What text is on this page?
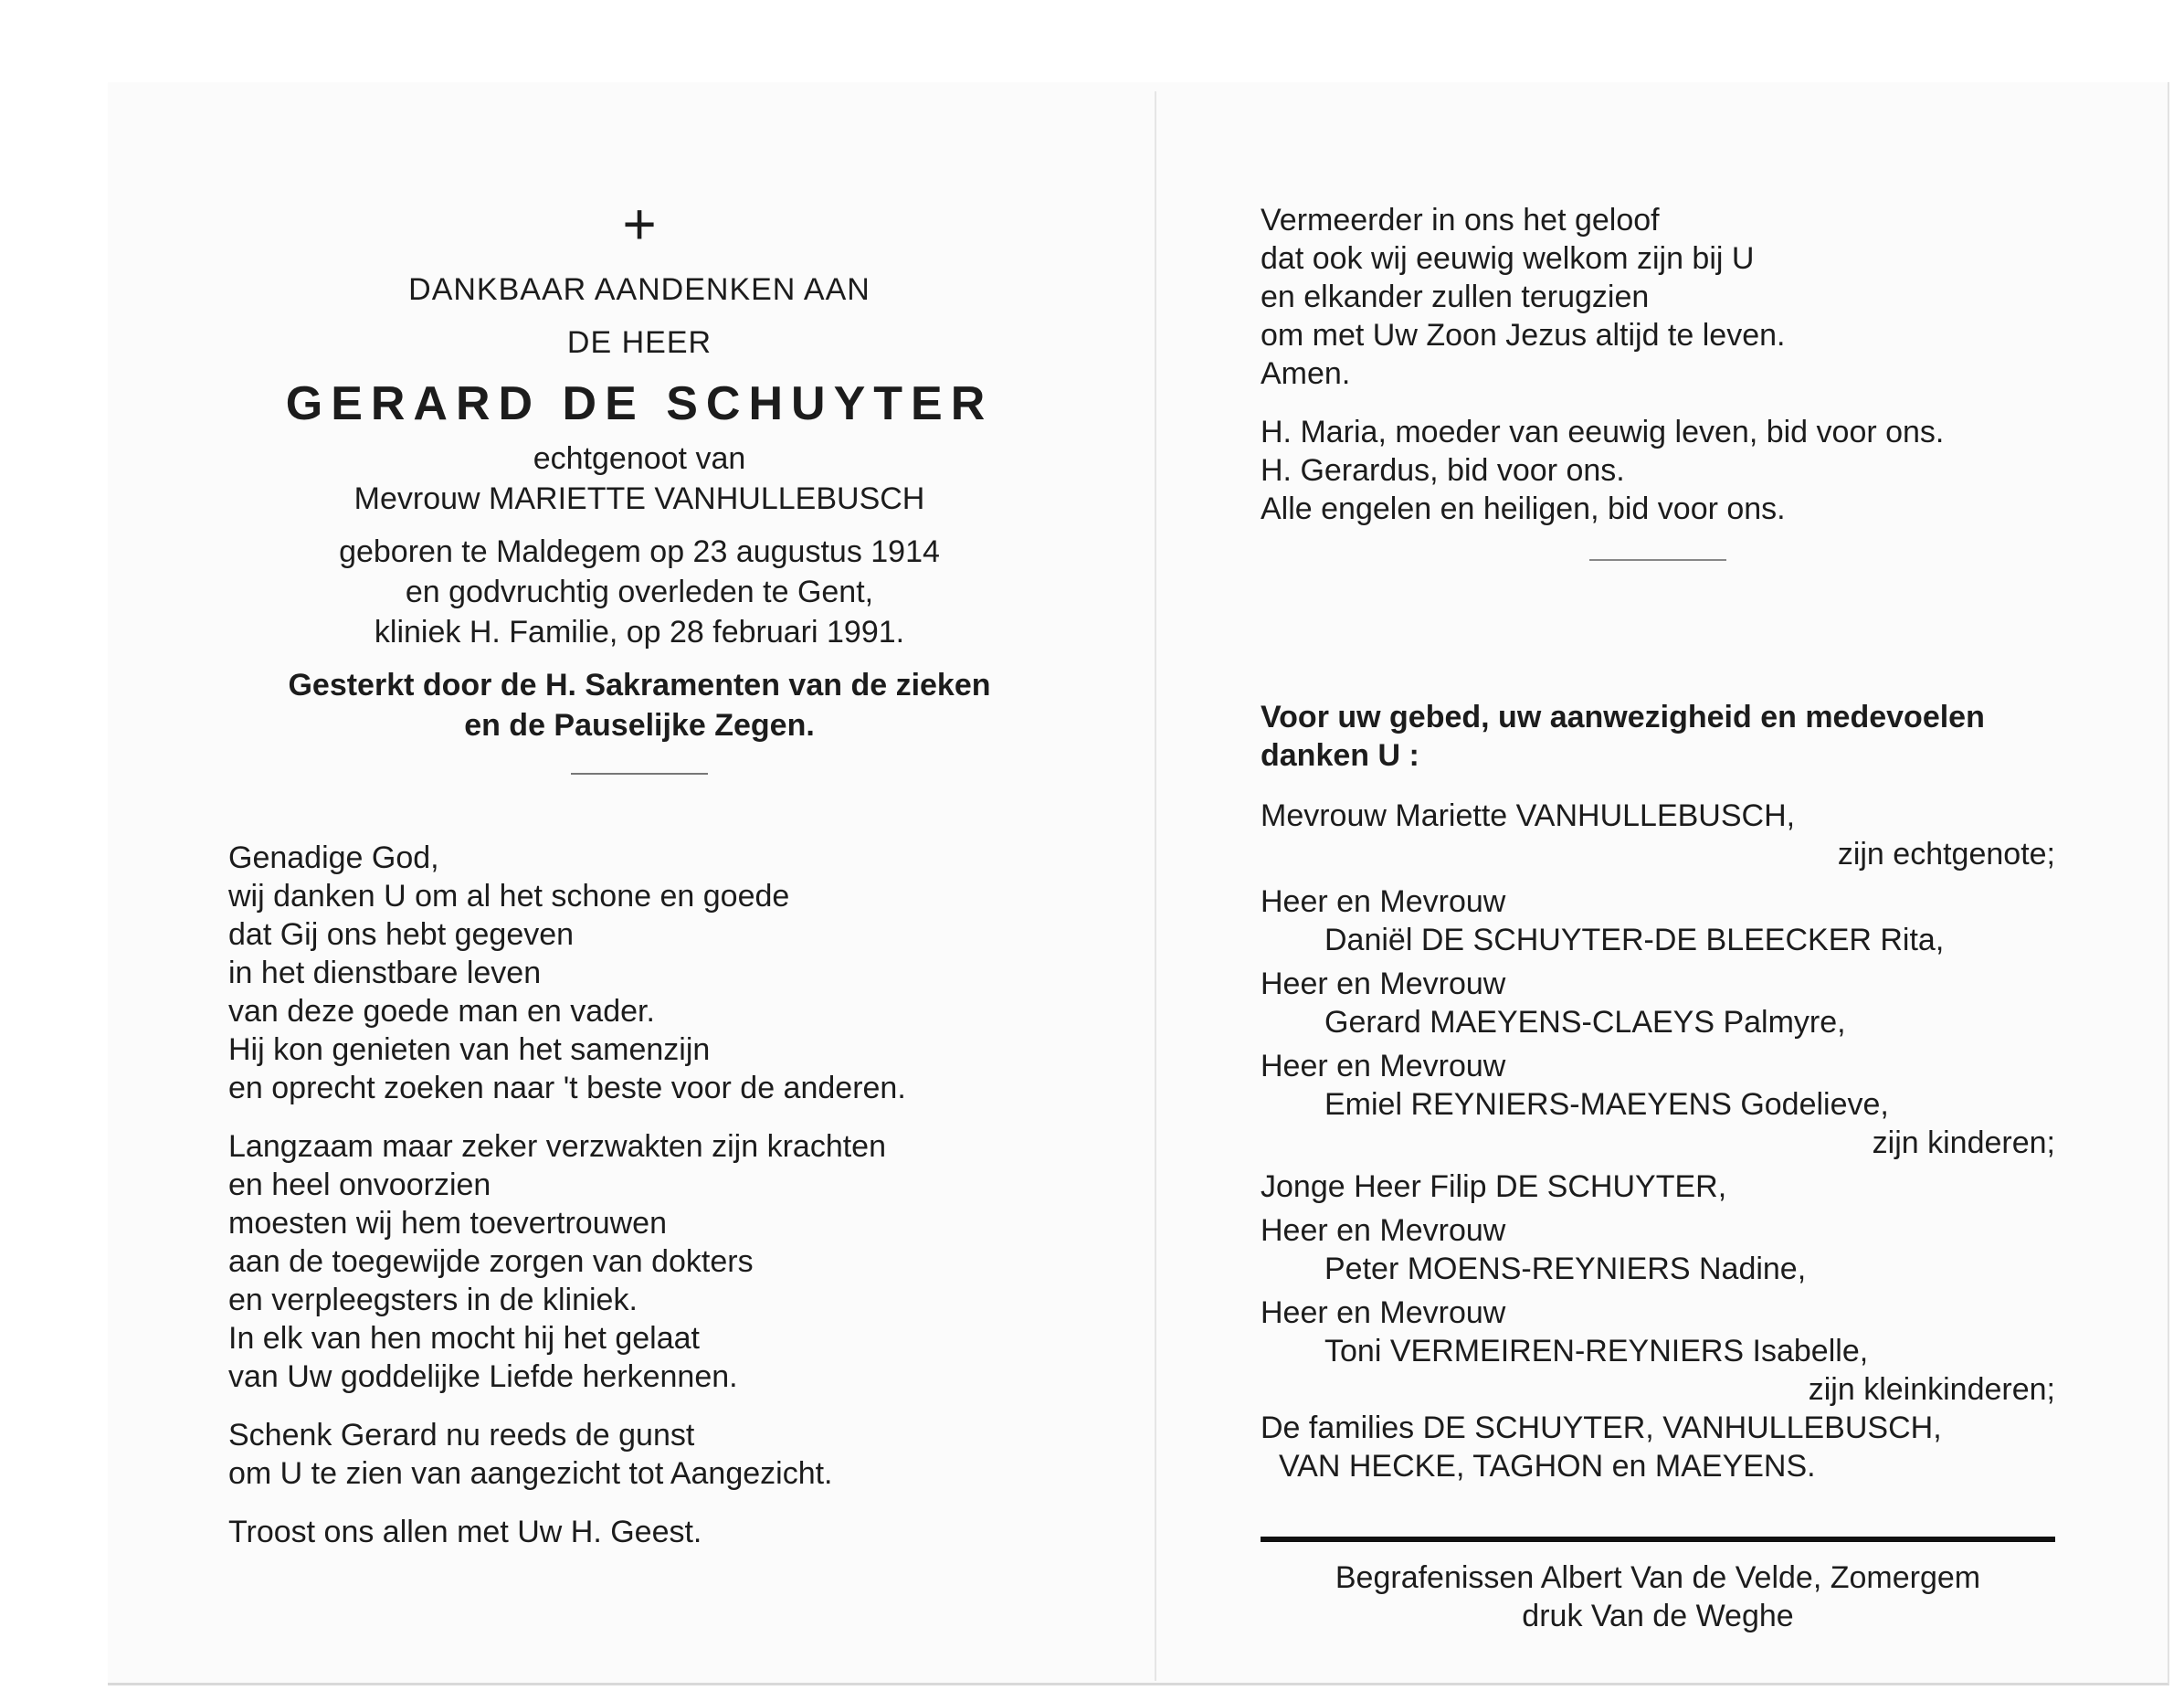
+
DANKBAAR AANDENKEN AAN
DE HEER
GERARD DE SCHUYTER
echtgenoot van
Mevrouw MARIETTE VANHULLEBUSCH
geboren te Maldegem op 23 augustus 1914
en godvruchtig overleden te Gent,
kliniek H. Familie, op 28 februari 1991.
Gesterkt door de H. Sakramenten van de zieken
en de Pauselijke Zegen.
Genadige God,
wij danken U om al het schone en goede
dat Gij ons hebt gegeven
in het dienstbare leven
van deze goede man en vader.
Hij kon genieten van het samenzijn
en oprecht zoeken naar 't beste voor de anderen.
Langzaam maar zeker verzwakten zijn krachten
en heel onvoorzien
moesten wij hem toevertrouwen
aan de toegewijde zorgen van dokters
en verpleegsters in de kliniek.
In elk van hen mocht hij het gelaat
van Uw goddelijke Liefde herkennen.
Schenk Gerard nu reeds de gunst
om U te zien van aangezicht tot Aangezicht.
Troost ons allen met Uw H. Geest.
Vermeerder in ons het geloof
dat ook wij eeuwig welkom zijn bij U
en elkander zullen terugzien
om met Uw Zoon Jezus altijd te leven.
Amen.
H. Maria, moeder van eeuwig leven, bid voor ons.
H. Gerardus, bid voor ons.
Alle engelen en heiligen, bid voor ons.
Voor uw gebed, uw aanwezigheid en medevoelen
danken U :
Mevrouw Mariette VANHULLEBUSCH,
zijn echtgenote;
Heer en Mevrouw
Daniël DE SCHUYTER-DE BLEECKER Rita,
Heer en Mevrouw
Gerard MAEYENS-CLAEYS Palmyre,
Heer en Mevrouw
Emiel REYNIERS-MAEYENS Godelieve,
zijn kinderen;
Jonge Heer Filip DE SCHUYTER,
Heer en Mevrouw
Peter MOENS-REYNIERS Nadine,
Heer en Mevrouw
Toni VERMEIREN-REYNIERS Isabelle,
zijn kleinkinderen;
De families DE SCHUYTER, VANHULLEBUSCH,
VAN HECKE, TAGHON en MAEYENS.
Begrafenissen Albert Van de Velde, Zomergem
druk Van de Weghe
